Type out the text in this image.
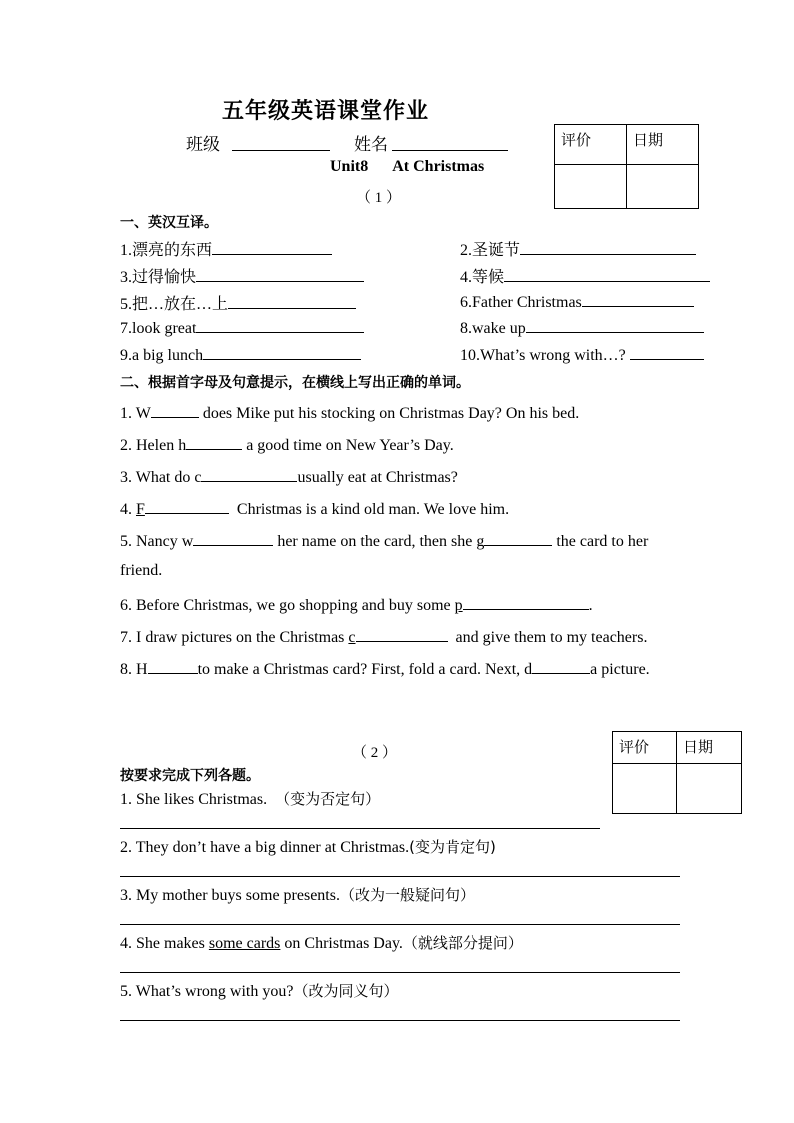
五年级英语课堂作业
班级	姓名
Unit8 At Christmas
（ 1 ）
评价	日期

一、英汉互译。
1.漂亮的东西	2.圣诞节
3.过得愉快	4.等候
5.把…放在…上	6.Father Christmas
7.look great	8.wake up
9.a big lunch	10.What’s wrong with…?
二、根据首字母及句意提示，在横线上写出正确的单词。
1. W	does Mike put his stocking on Christmas Day? On his bed.
2. Helen h	a good time on New Year’s Day.
3. What do c	usually eat at Christmas?
4. F	Christmas is a kind old man. We love him.
5. Nancy w	her name on the card, then she g	the card to her
friend.
6. Before Christmas, we go shopping and buy some p	.
7. I draw pictures on the Christmas c	and give them to my teachers.
8. H	to make a Christmas card? First, fold a card. Next, d	a picture.
（ 2 ）	评价	日期

按要求完成下列各题。
1. She likes Christmas. （变为否定句）
2. They don’t have a big dinner at Christmas.(变为肯定句)
3. My mother buys some presents.（改为一般疑问句）
4. She makes some cards on Christmas Day.（就线部分提问）
5. What’s wrong with you?（改为同义句）
